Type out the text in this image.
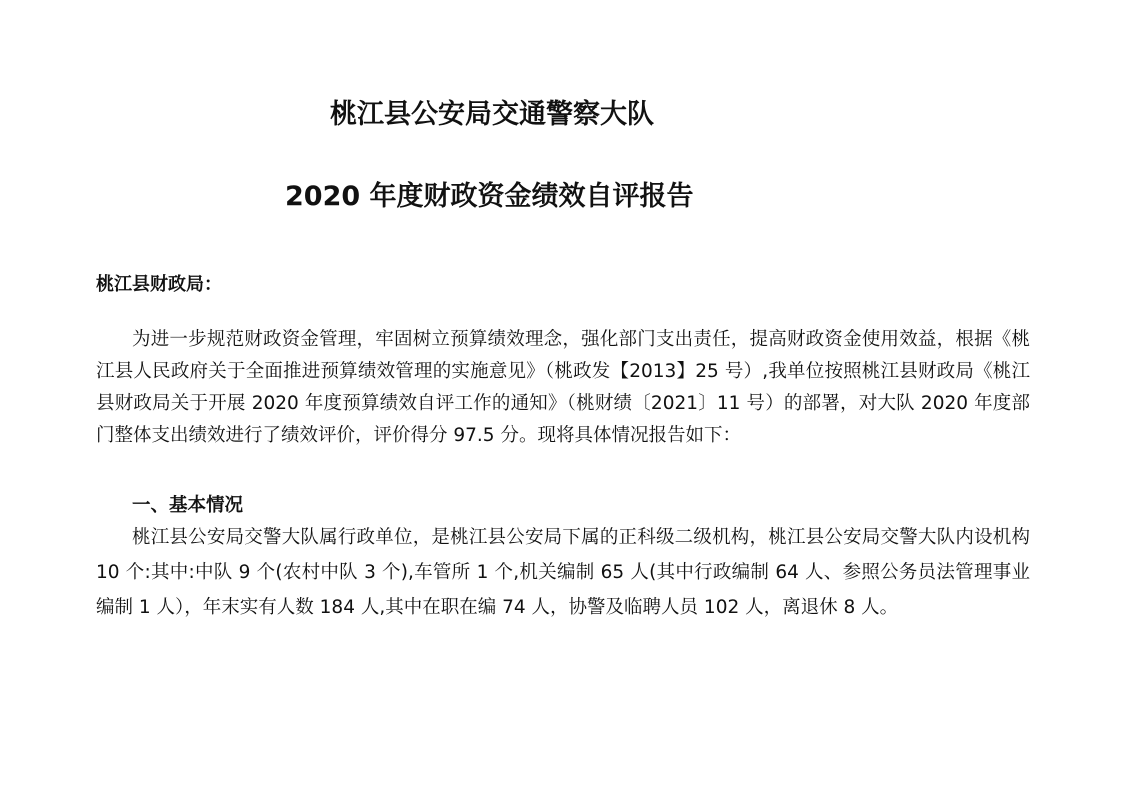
桃江县公安局交通警察大队
2020 年度财政资金绩效自评报告

桃江县财政局：

为进一步规范财政资金管理，牢固树立预算绩效理念，强化部门支出责任，提高财政资金使用效益，根据《桃江县人民政府关于全面推进预算绩效管理的实施意见》（桃政发【2013】25 号）,我单位按照桃江县财政局《桃江县财政局关于开展 2020 年度预算绩效自评工作的通知》（桃财绩〔2021〕11 号）的部署，对大队 2020 年度部门整体支出绩效进行了绩效评价，评价得分 97.5 分。现将具体情况报告如下：

一、基本情况

桃江县公安局交警大队属行政单位，是桃江县公安局下属的正科级二级机构，桃江县公安局交警大队内设机构 10 个:其中:中队 9 个(农村中队 3 个),车管所 1 个,机关编制 65 人(其中行政编制 64 人、参照公务员法管理事业编制 1 人），年末实有人数 184 人,其中在职在编 74 人，协警及临聘人员 102 人，离退休 8 人。
